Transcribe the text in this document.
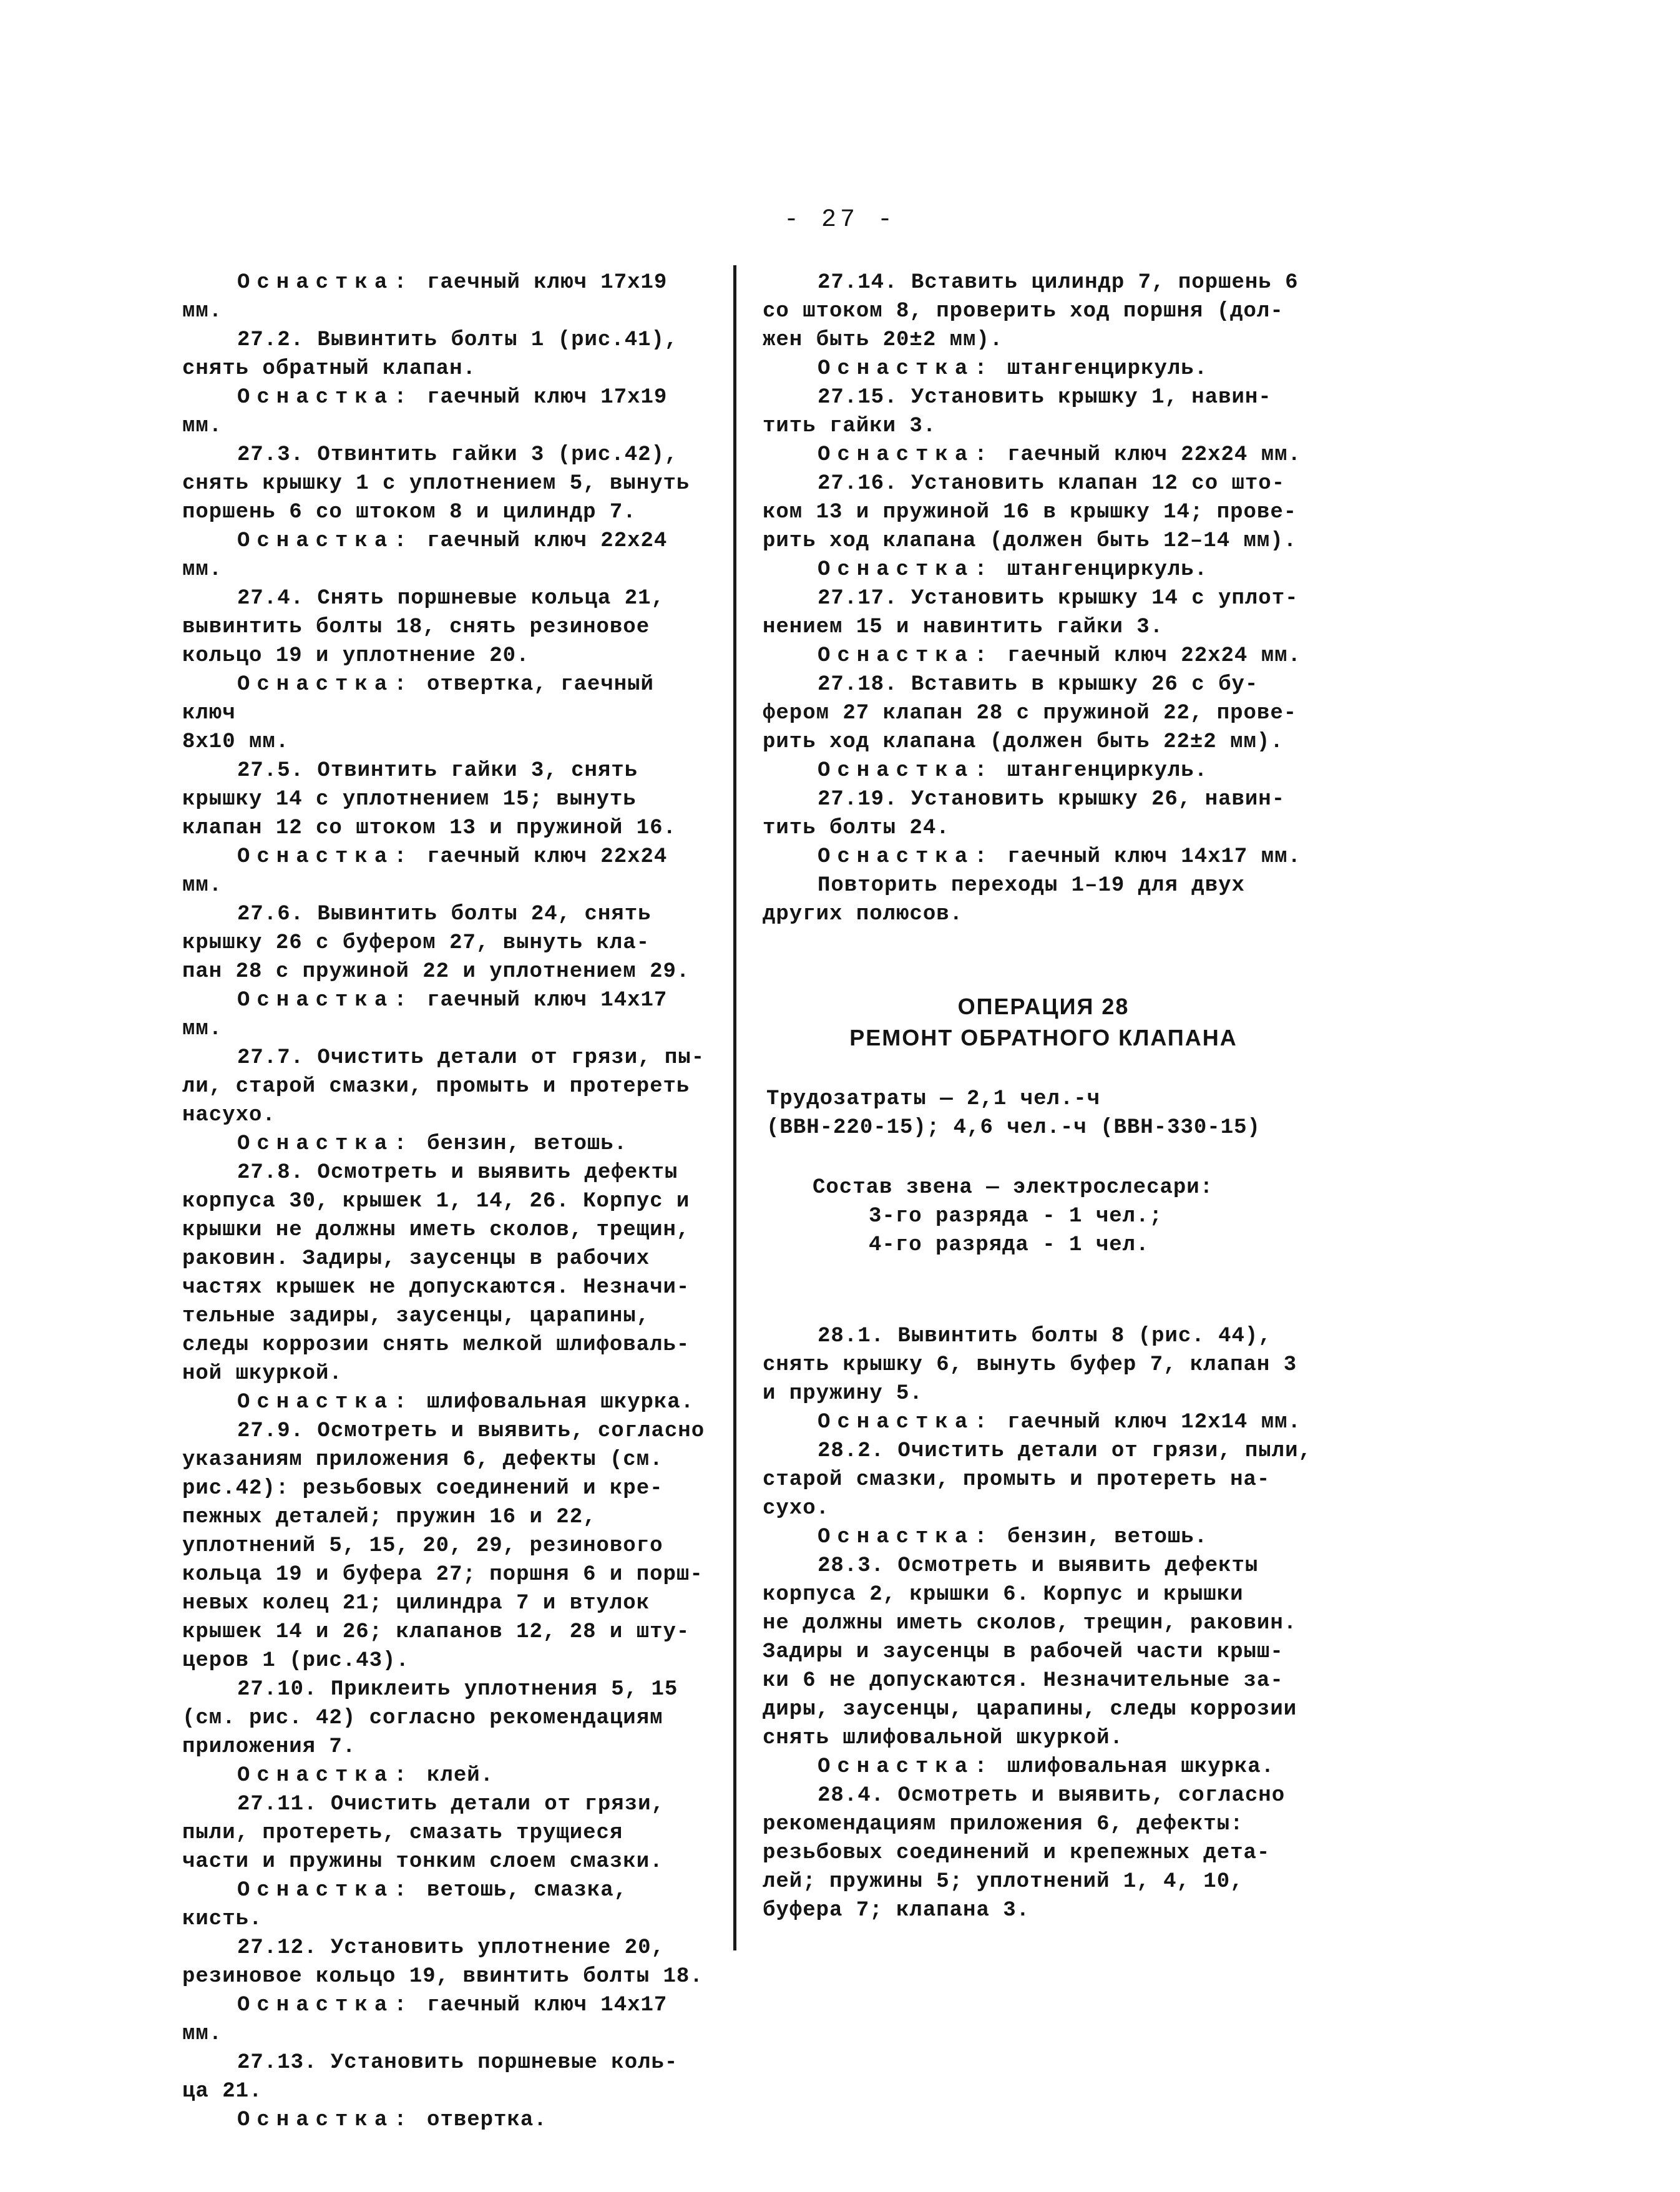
- 27 -

Оснастка: гаечный ключ 17х19 мм.

27.2. Вывинтить болты 1 (рис.41),
снять обратный клапан.

Оснастка: гаечный ключ 17х19 мм.

27.3. Отвинтить гайки 3 (рис.42),
снять крышку 1 с уплотнением 5, вынуть
поршень 6 со штоком 8 и цилиндр 7.

Оснастка: гаечный ключ 22х24 мм.

27.4. Снять поршневые кольца 21,
вывинтить болты 18, снять резиновое
кольцо 19 и уплотнение 20.

Оснастка: отвертка, гаечный ключ
8х10 мм.

27.5. Отвинтить гайки 3, снять
крышку 14 с уплотнением 15; вынуть
клапан 12 со штоком 13 и пружиной 16.

Оснастка: гаечный ключ 22х24 мм.

27.6. Вывинтить болты 24, снять
крышку 26 с буфером 27, вынуть кла-
пан 28 с пружиной 22 и уплотнением 29.

Оснастка: гаечный ключ 14х17 мм.

27.7. Очистить детали от грязи, пы-
ли, старой смазки, промыть и протереть
насухо.

Оснастка: бензин, ветошь.

27.8. Осмотреть и выявить дефекты
корпуса 30, крышек 1, 14, 26. Корпус и
крышки не должны иметь сколов, трещин,
раковин. Задиры, заусенцы в рабочих
частях крышек не допускаются. Незначи-
тельные задиры, заусенцы, царапины,
следы коррозии снять мелкой шлифоваль-
ной шкуркой.

Оснастка: шлифовальная шкурка.

27.9. Осмотреть и выявить, согласно
указаниям приложения 6, дефекты (см.
рис.42): резьбовых соединений и кре-
пежных деталей; пружин 16 и 22,
уплотнений 5, 15, 20, 29, резинового
кольца 19 и буфера 27; поршня 6 и порш-
невых колец 21; цилиндра 7 и втулок
крышек 14 и 26; клапанов 12, 28 и шту-
церов 1 (рис.43).

27.10. Приклеить уплотнения 5, 15
(см. рис. 42) согласно рекомендациям
приложения 7.

Оснастка: клей.

27.11. Очистить детали от грязи,
пыли, протереть, смазать трущиеся
части и пружины тонким слоем смазки.

Оснастка: ветошь, смазка, кисть.

27.12. Установить уплотнение 20,
резиновое кольцо 19, ввинтить болты 18.

Оснастка: гаечный ключ 14х17 мм.

27.13. Установить поршневые коль-
ца 21.

Оснастка: отвертка.

27.14. Вставить цилиндр 7, поршень 6
со штоком 8, проверить ход поршня (дол-
жен быть 20±2 мм).

Оснастка: штангенциркуль.

27.15. Установить крышку 1, навин-
тить гайки 3.

Оснастка: гаечный ключ 22х24 мм.

27.16. Установить клапан 12 со што-
ком 13 и пружиной 16 в крышку 14; прове-
рить ход клапана (должен быть 12–14 мм).

Оснастка: штангенциркуль.

27.17. Установить крышку 14 с уплот-
нением 15 и навинтить гайки 3.

Оснастка: гаечный ключ 22х24 мм.

27.18. Вставить в крышку 26 с бу-
фером 27 клапан 28 с пружиной 22, прове-
рить ход клапана (должен быть 22±2 мм).

Оснастка: штангенциркуль.

27.19. Установить крышку 26, навин-
тить болты 24.

Оснастка: гаечный ключ 14х17 мм.

Повторить переходы 1–19 для двух
других полюсов.

ОПЕРАЦИЯ 28

РЕМОНТ ОБРАТНОГО КЛАПАНА

Трудозатраты — 2,1 чел.-ч
(ВВН-220-15); 4,6 чел.-ч (ВВН-330-15)

Состав звена — электрослесари:

3-го разряда - 1 чел.;

4-го разряда - 1 чел.

28.1. Вывинтить болты 8 (рис. 44),
снять крышку 6, вынуть буфер 7, клапан 3
и пружину 5.

Оснастка: гаечный ключ 12х14 мм.

28.2. Очистить детали от грязи, пыли,
старой смазки, промыть и протереть на-
сухо.

Оснастка: бензин, ветошь.

28.3. Осмотреть и выявить дефекты
корпуса 2, крышки 6. Корпус и крышки
не должны иметь сколов, трещин, раковин.
Задиры и заусенцы в рабочей части крыш-
ки 6 не допускаются. Незначительные за-
диры, заусенцы, царапины, следы коррозии
снять шлифовальной шкуркой.

Оснастка: шлифовальная шкурка.

28.4. Осмотреть и выявить, согласно
рекомендациям приложения 6, дефекты:
резьбовых соединений и крепежных дета-
лей; пружины 5; уплотнений 1, 4, 10,
буфера 7; клапана 3.
